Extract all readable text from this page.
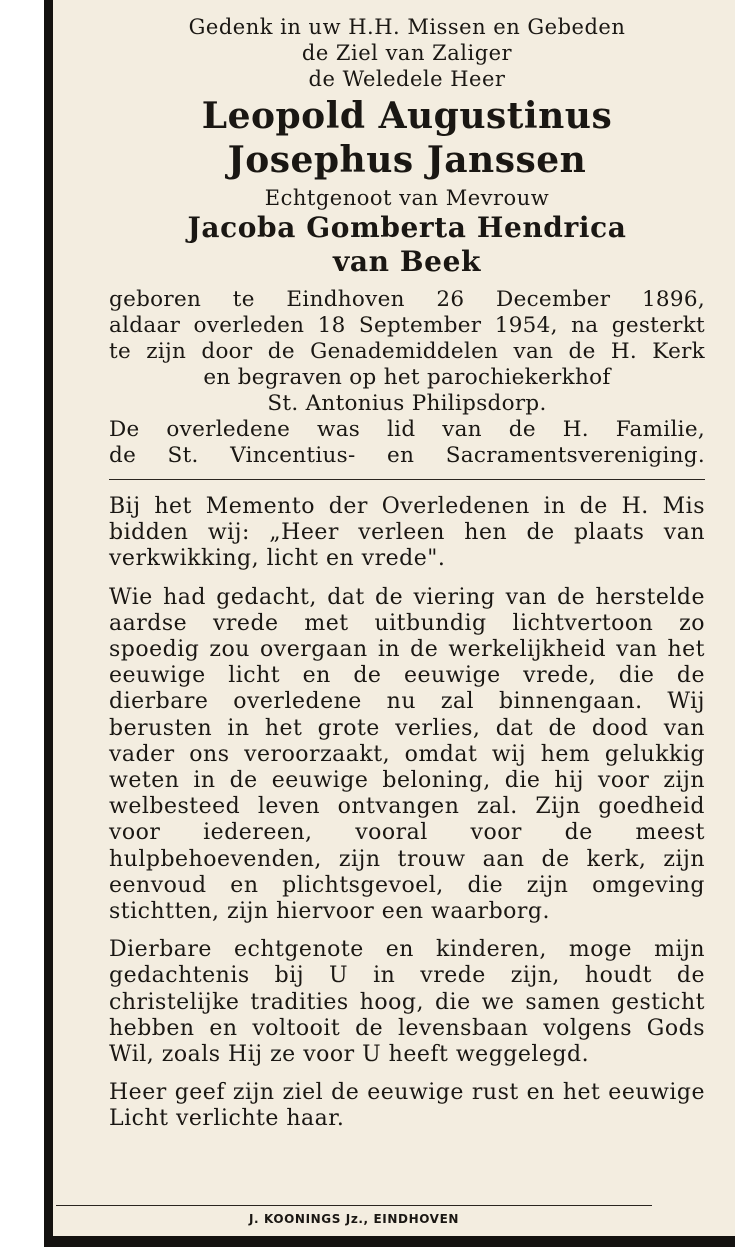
Gedenk in uw H.H. Missen en Gebeden
de Ziel van Zaliger
de Weledele Heer
Leopold Augustinus
Josephus Janssen
Echtgenoot van Mevrouw
Jacoba Gomberta Hendrica
van Beek
geboren te Eindhoven 26 December 1896,
aldaar overleden 18 September 1954, na gesterkt
te zijn door de Genademiddelen van de H. Kerk
en begraven op het parochiekerkhof
St. Antonius Philipsdorp.
De overledene was lid van de H. Familie,
de St. Vincentius- en Sacramentsvereniging.

Bij het Memento der Overledenen in de H. Mis bidden wij: „Heer verleen hen de plaats van verkwikking, licht en vrede".

Wie had gedacht, dat de viering van de herstelde aardse vrede met uitbundig lichtvertoon zo spoedig zou overgaan in de werkelijkheid van het eeuwige licht en de eeuwige vrede, die de dierbare overledene nu zal binnengaan. Wij berusten in het grote verlies, dat de dood van vader ons veroorzaakt, omdat wij hem gelukkig weten in de eeuwige beloning, die hij voor zijn welbesteed leven ontvangen zal. Zijn goedheid voor iedereen, vooral voor de meest hulpbehoevenden, zijn trouw aan de kerk, zijn eenvoud en plichtsgevoel, die zijn omgeving stichtten, zijn hiervoor een waarborg.

Dierbare echtgenote en kinderen, moge mijn gedachtenis bij U in vrede zijn, houdt de christelijke tradities hoog, die we samen gesticht hebben en voltooit de levensbaan volgens Gods Wil, zoals Hij ze voor U heeft weggelegd.

Heer geef zijn ziel de eeuwige rust en het eeuwige Licht verlichte haar.

J. KOONINGS Jz., EINDHOVEN
